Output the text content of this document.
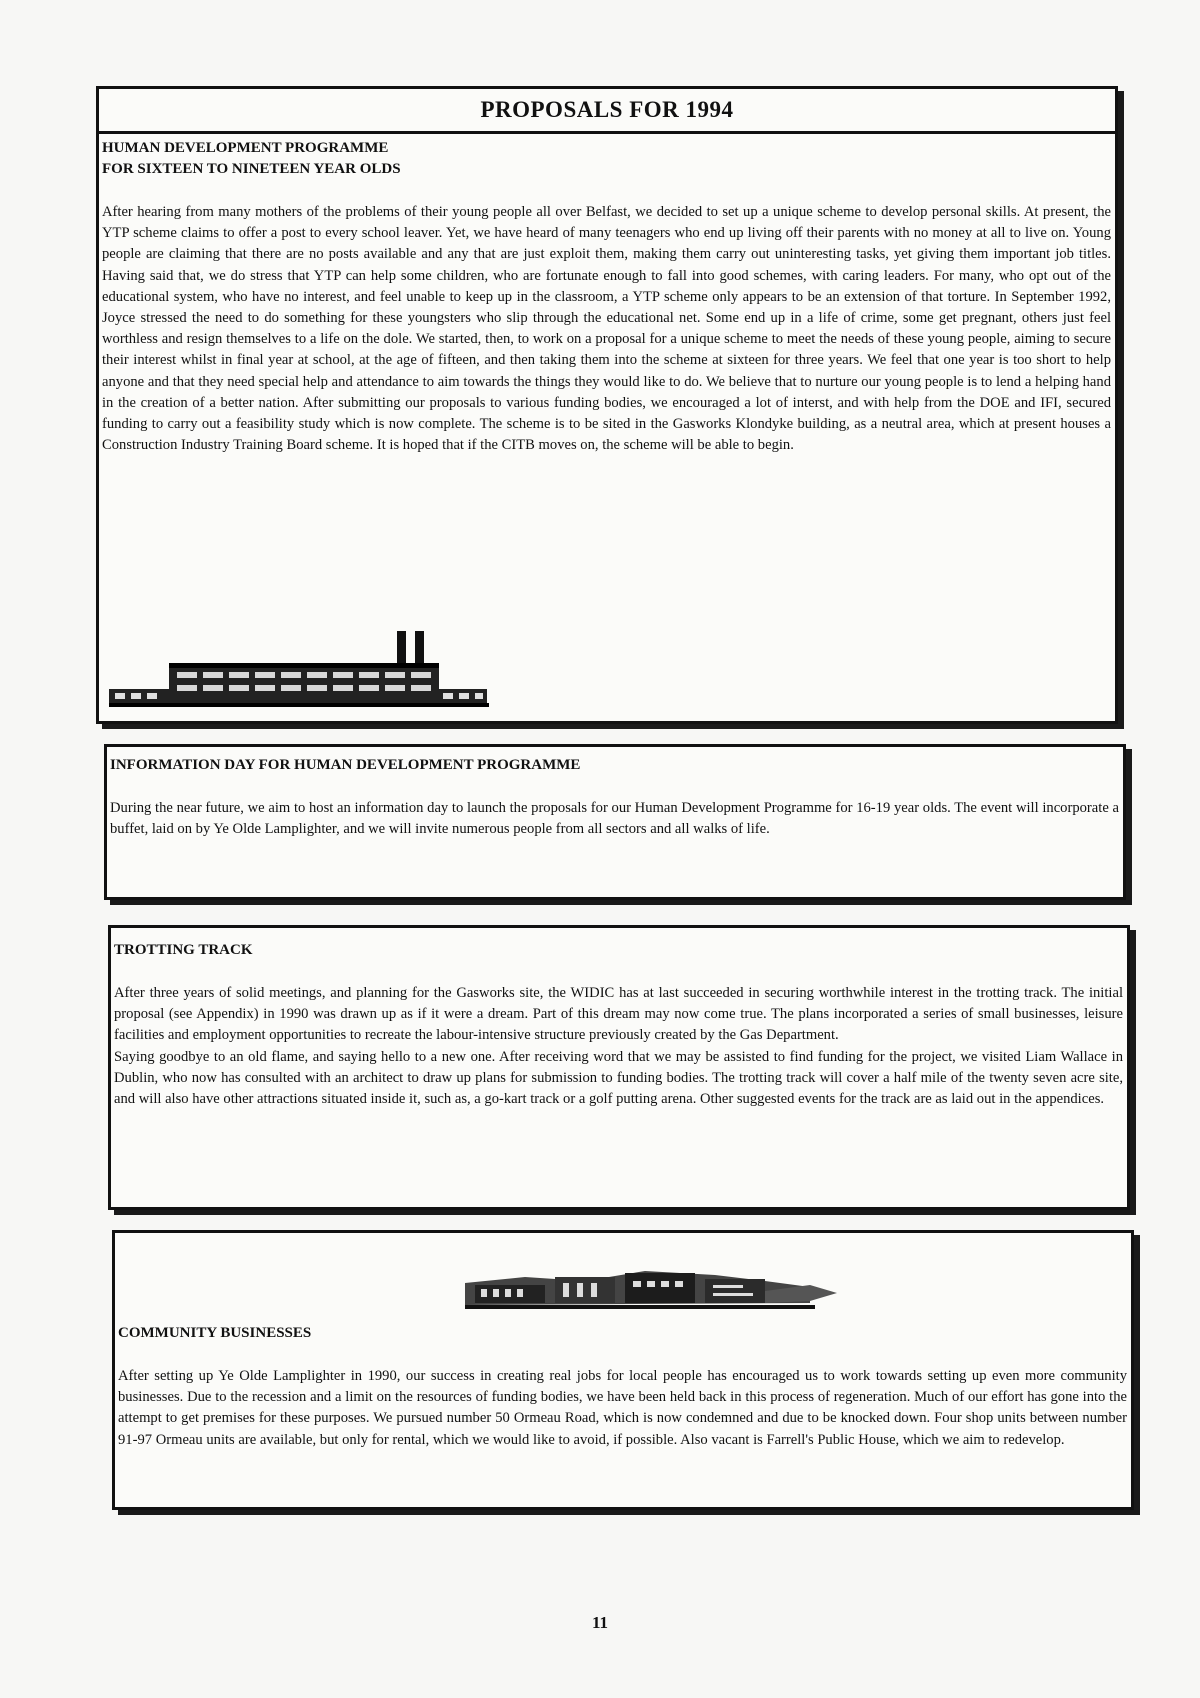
PROPOSALS FOR 1994

HUMAN DEVELOPMENT PROGRAMME

FOR SIXTEEN TO NINETEEN YEAR OLDS

After hearing from many mothers of the problems of their young people all over Belfast, we decided to set up a unique scheme to develop personal skills. At present, the YTP scheme claims to offer a post to every school leaver. Yet, we have heard of many teenagers who end up living off their parents with no money at all to live on. Young people are claiming that there are no posts available and any that are just exploit them, making them carry out uninteresting tasks, yet giving them important job titles. Having said that, we do stress that YTP can help some children, who are fortunate enough to fall into good schemes, with caring leaders. For many, who opt out of the educational system, who have no interest, and feel unable to keep up in the classroom, a YTP scheme only appears to be an extension of that torture. In September 1992, Joyce stressed the need to do something for these youngsters who slip through the educational net. Some end up in a life of crime, some get pregnant, others just feel worthless and resign themselves to a life on the dole. We started, then, to work on a proposal for a unique scheme to meet the needs of these young people, aiming to secure their interest whilst in final year at school, at the age of fifteen, and then taking them into the scheme at sixteen for three years. We feel that one year is too short to help anyone and that they need special help and attendance to aim towards the things they would like to do. We believe that to nurture our young people is to lend a helping hand in the creation of a better nation. After submitting our proposals to various funding bodies, we encouraged a lot of interst, and with help from the DOE and IFI, secured funding to carry out a feasibility study which is now complete. The scheme is to be sited in the Gasworks Klondyke building, as a neutral area, which at present houses a Construction Industry Training Board scheme. It is hoped that if the CITB moves on, the scheme will be able to begin.

INFORMATION DAY FOR HUMAN DEVELOPMENT PROGRAMME

During the near future, we aim to host an information day to launch the proposals for our Human Development Programme for 16-19 year olds. The event will incorporate a buffet, laid on by Ye Olde Lamplighter, and we will invite numerous people from all sectors and all walks of life.

TROTTING TRACK

After three years of solid meetings, and planning for the Gasworks site, the WIDIC has at last succeeded in securing worthwhile interest in the trotting track. The initial proposal (see Appendix) in 1990 was drawn up as if it were a dream. Part of this dream may now come true. The plans incorporated a series of small businesses, leisure facilities and employment opportunities to recreate the labour-intensive structure previously created by the Gas Department.

Saying goodbye to an old flame, and saying hello to a new one. After receiving word that we may be assisted to find funding for the project, we visited Liam Wallace in Dublin, who now has consulted with an architect to draw up plans for submission to funding bodies. The trotting track will cover a half mile of the twenty seven acre site, and will also have other attractions situated inside it, such as, a go-kart track or a golf putting arena. Other suggested events for the track are as laid out in the appendices.

COMMUNITY BUSINESSES

After setting up Ye Olde Lamplighter in 1990, our success in creating real jobs for local people has encouraged us to work towards setting up even more community businesses. Due to the recession and a limit on the resources of funding bodies, we have been held back in this process of regeneration. Much of our effort has gone into the attempt to get premises for these purposes. We pursued number 50 Ormeau Road, which is now condemned and due to be knocked down. Four shop units between number 91-97 Ormeau units are available, but only for rental, which we would like to avoid, if possible. Also vacant is Farrell's Public House, which we aim to redevelop.

11
